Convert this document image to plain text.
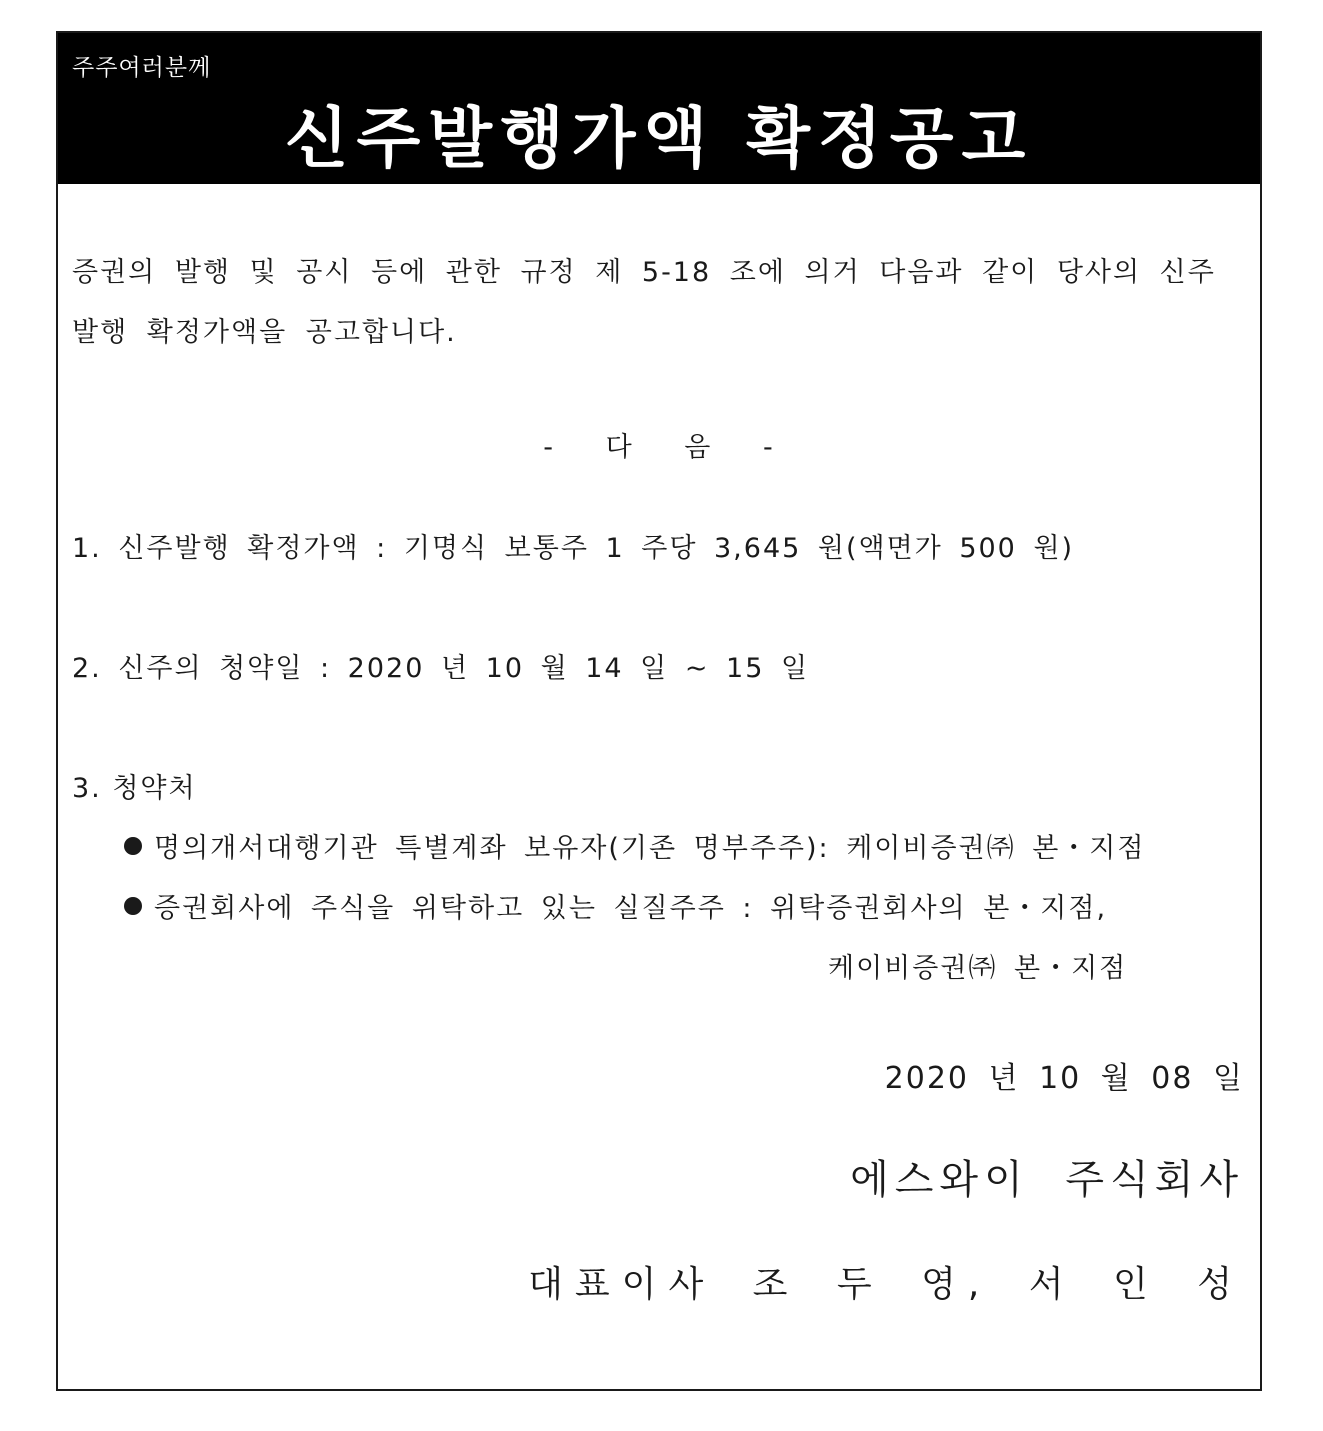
주주여러분께
신주발행가액 확정공고
증권의 발행 및 공시 등에 관한 규정 제 5-18 조에 의거 다음과 같이 당사의 신주
발행 확정가액을 공고합니다.
- 다 음 -
1. 신주발행 확정가액 : 기명식 보통주 1 주당 3,645 원(액면가 500 원)
2. 신주의 청약일 : 2020 년 10 월 14 일 ~ 15 일
3. 청약처
명의개서대행기관 특별계좌 보유자(기존 명부주주): 케이비증권㈜ 본・지점
증권회사에 주식을 위탁하고 있는 실질주주 : 위탁증권회사의 본・지점,
케이비증권㈜ 본・지점
2020 년 10 월 08 일
에스와이 주식회사
대표이사 조 두 영, 서 인 성
